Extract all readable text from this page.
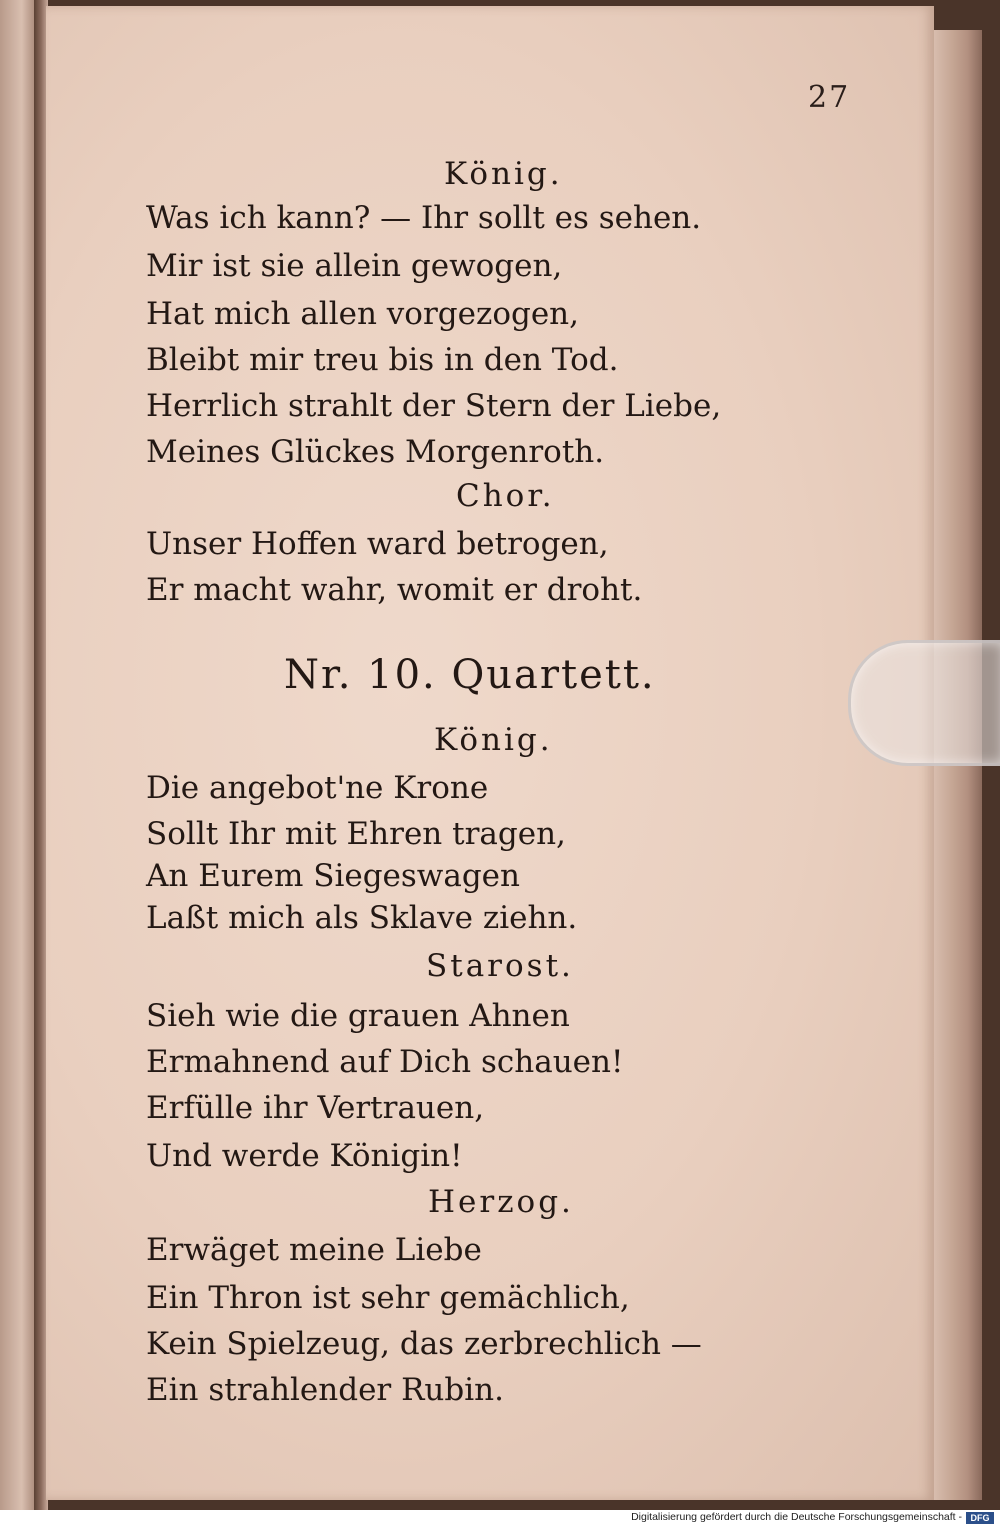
27
König.
Was ich kann? — Ihr sollt es sehen.
Mir ist sie allein gewogen,
Hat mich allen vorgezogen,
Bleibt mir treu bis in den Tod.
Herrlich strahlt der Stern der Liebe,
Meines Glückes Morgenroth.
Chor.
Unser Hoffen ward betrogen,
Er macht wahr, womit er droht.
Nr. 10. Quartett.
König.
Die angebot'ne Krone
Sollt Ihr mit Ehren tragen,
An Eurem Siegeswagen
Laßt mich als Sklave ziehn.
Starost.
Sieh wie die grauen Ahnen
Ermahnend auf Dich schauen!
Erfülle ihr Vertrauen,
Und werde Königin!
Herzog.
Erwäget meine Liebe
Ein Thron ist sehr gemächlich,
Kein Spielzeug, das zerbrechlich —
Ein strahlender Rubin.
Digitalisierung gefördert durch die Deutsche Forschungsgemeinschaft - DFG
